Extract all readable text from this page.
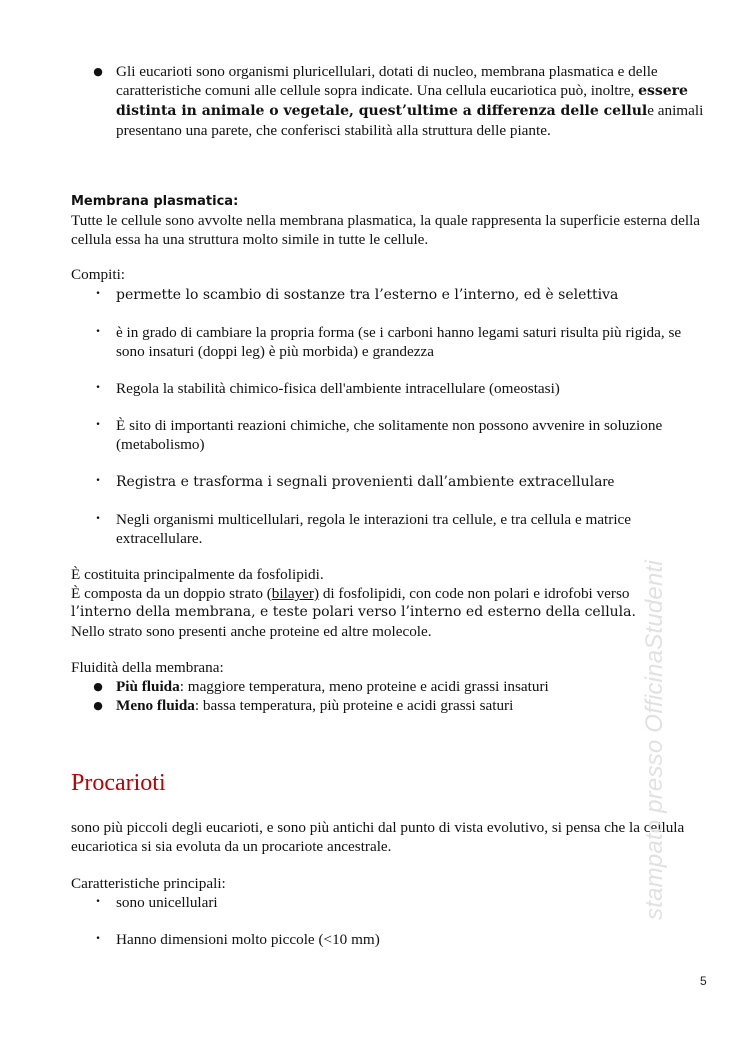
● Gli eucarioti sono organismi pluricellulari, dotati di nucleo, membrana plasmatica e delle caratteristiche comuni alle cellule sopra indicate. Una cellula eucariotica può, inoltre, essere distinta in animale o vegetale, quest’ultime a differenza delle cellule animali presentano una parete, che conferisci stabilità alla struttura delle piante.

Membrana plasmatica:

Tutte le cellule sono avvolte nella membrana plasmatica, la quale rappresenta la superficie esterna della cellula essa ha una struttura molto simile in tutte le cellule.

Compiti:

• permette lo scambio di sostanze tra l’esterno e l’interno, ed è selettiva
• è in grado di cambiare la propria forma (se i carboni hanno legami saturi risulta più rigida, se sono insaturi (doppi leg) è più morbida) e grandezza
• Regola la stabilità chimico-fisica dell'ambiente intracellulare (omeostasi)
• È sito di importanti reazioni chimiche, che solitamente non possono avvenire in soluzione (metabolismo)
• Registra e trasforma i segnali provenienti dall’ambiente extracellulare
• Negli organismi multicellulari, regola le interazioni tra cellule, e tra cellula e matrice extracellulare.

È costituita principalmente da fosfolipidi.

È composta da un doppio strato (bilayer) di fosfolipidi, con code non polari e idrofobi verso

l’interno della membrana, e teste polari verso l’interno ed esterno della cellula.

Nello strato sono presenti anche proteine ed altre molecole.

Fluidità della membrana:

● Più fluida: maggiore temperatura, meno proteine e acidi grassi insaturi
● Meno fluida: bassa temperatura, più proteine e acidi grassi saturi
Procarioti

sono più piccoli degli eucarioti, e sono più antichi dal punto di vista evolutivo, si pensa che la cellula eucariotica si sia evoluta da un procariote ancestrale.

Caratteristiche principali:

• sono unicellulari
• Hanno dimensioni molto piccole (<10 mm)
5
stampato presso OfficinaStudenti
